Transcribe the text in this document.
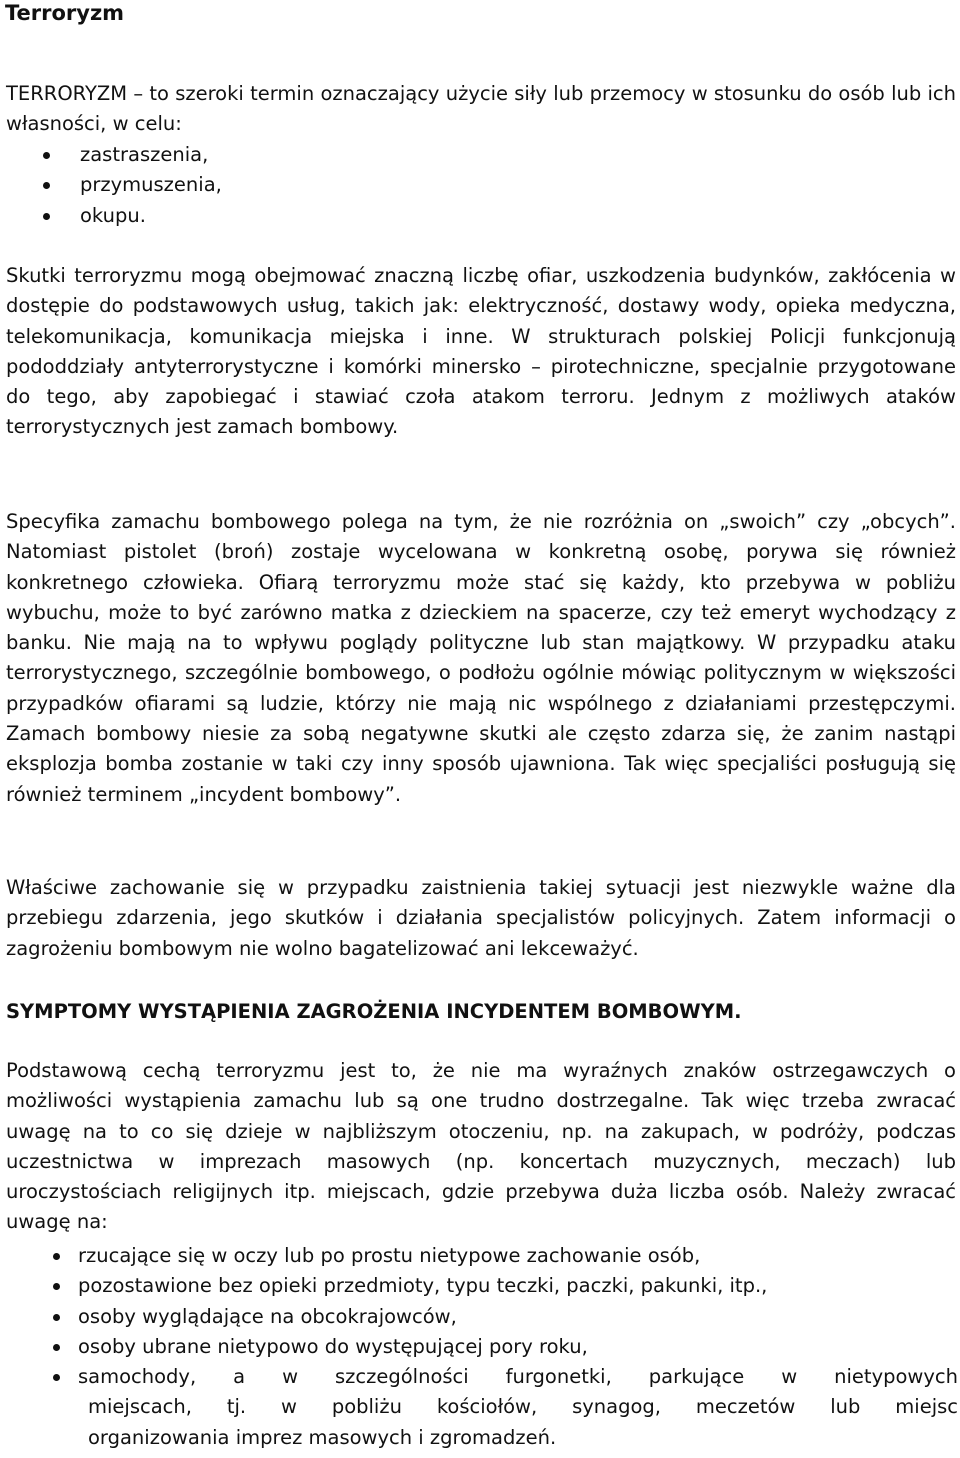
Terroryzm

TERRORYZM – to szeroki termin oznaczający użycie siły lub przemocy w stosunku do osób lub ich własności, w celu:

zastraszenia,
przymuszenia,
okupu.

Skutki terroryzmu mogą obejmować znaczną liczbę ofiar, uszkodzenia budynków, zakłócenia w dostępie do podstawowych usług, takich jak: elektryczność, dostawy wody, opieka medyczna, telekomunikacja, komunikacja miejska i inne. W strukturach polskiej Policji funkcjonują pododdziały antyterrorystyczne i komórki minersko – pirotechniczne, specjalnie przygotowane do tego, aby zapobiegać i stawiać czoła atakom terroru. Jednym z możliwych ataków terrorystycznych jest zamach bombowy.

Specyfika zamachu bombowego polega na tym, że nie rozróżnia on „swoich” czy „obcych”. Natomiast pistolet (broń) zostaje wycelowana w konkretną osobę, porywa się również konkretnego człowieka. Ofiarą terroryzmu może stać się każdy, kto przebywa w pobliżu wybuchu, może to być zarówno matka z dzieckiem na spacerze, czy też emeryt wychodzący z banku. Nie mają na to wpływu poglądy polityczne lub stan majątkowy. W przypadku ataku terrorystycznego, szczególnie bombowego, o podłożu ogólnie mówiąc politycznym w większości przypadków ofiarami są ludzie, którzy nie mają nic wspólnego z działaniami przestępczymi. Zamach bombowy niesie za sobą negatywne skutki ale często zdarza się, że zanim nastąpi eksplozja bomba zostanie w taki czy inny sposób ujawniona. Tak więc specjaliści posługują się również terminem „incydent bombowy”.

Właściwe zachowanie się w przypadku zaistnienia takiej sytuacji jest niezwykle ważne dla przebiegu zdarzenia, jego skutków i działania specjalistów policyjnych. Zatem informacji o zagrożeniu bombowym nie wolno bagatelizować ani lekceważyć.

SYMPTOMY WYSTĄPIENIA ZAGROŻENIA INCYDENTEM BOMBOWYM.

Podstawową cechą terroryzmu jest to, że nie ma wyraźnych znaków ostrzegawczych o możliwości wystąpienia zamachu lub są one trudno dostrzegalne. Tak więc trzeba zwracać uwagę na to co się dzieje w najbliższym otoczeniu, np. na zakupach, w podróży, podczas uczestnictwa w imprezach masowych (np. koncertach muzycznych, meczach) lub uroczystościach religijnych itp. miejscach, gdzie przebywa duża liczba osób. Należy zwracać uwagę na:

rzucające się w oczy lub po prostu nietypowe zachowanie osób,
pozostawione bez opieki przedmioty, typu teczki, paczki, pakunki, itp.,
osoby wyglądające na obcokrajowców,
osoby ubrane nietypowo do występującej pory roku,
samochody, a w szczególności furgonetki, parkujące w nietypowych
miejscach, tj. w pobliżu kościołów, synagog, meczetów lub miejsc
organizowania imprez masowych i zgromadzeń.
